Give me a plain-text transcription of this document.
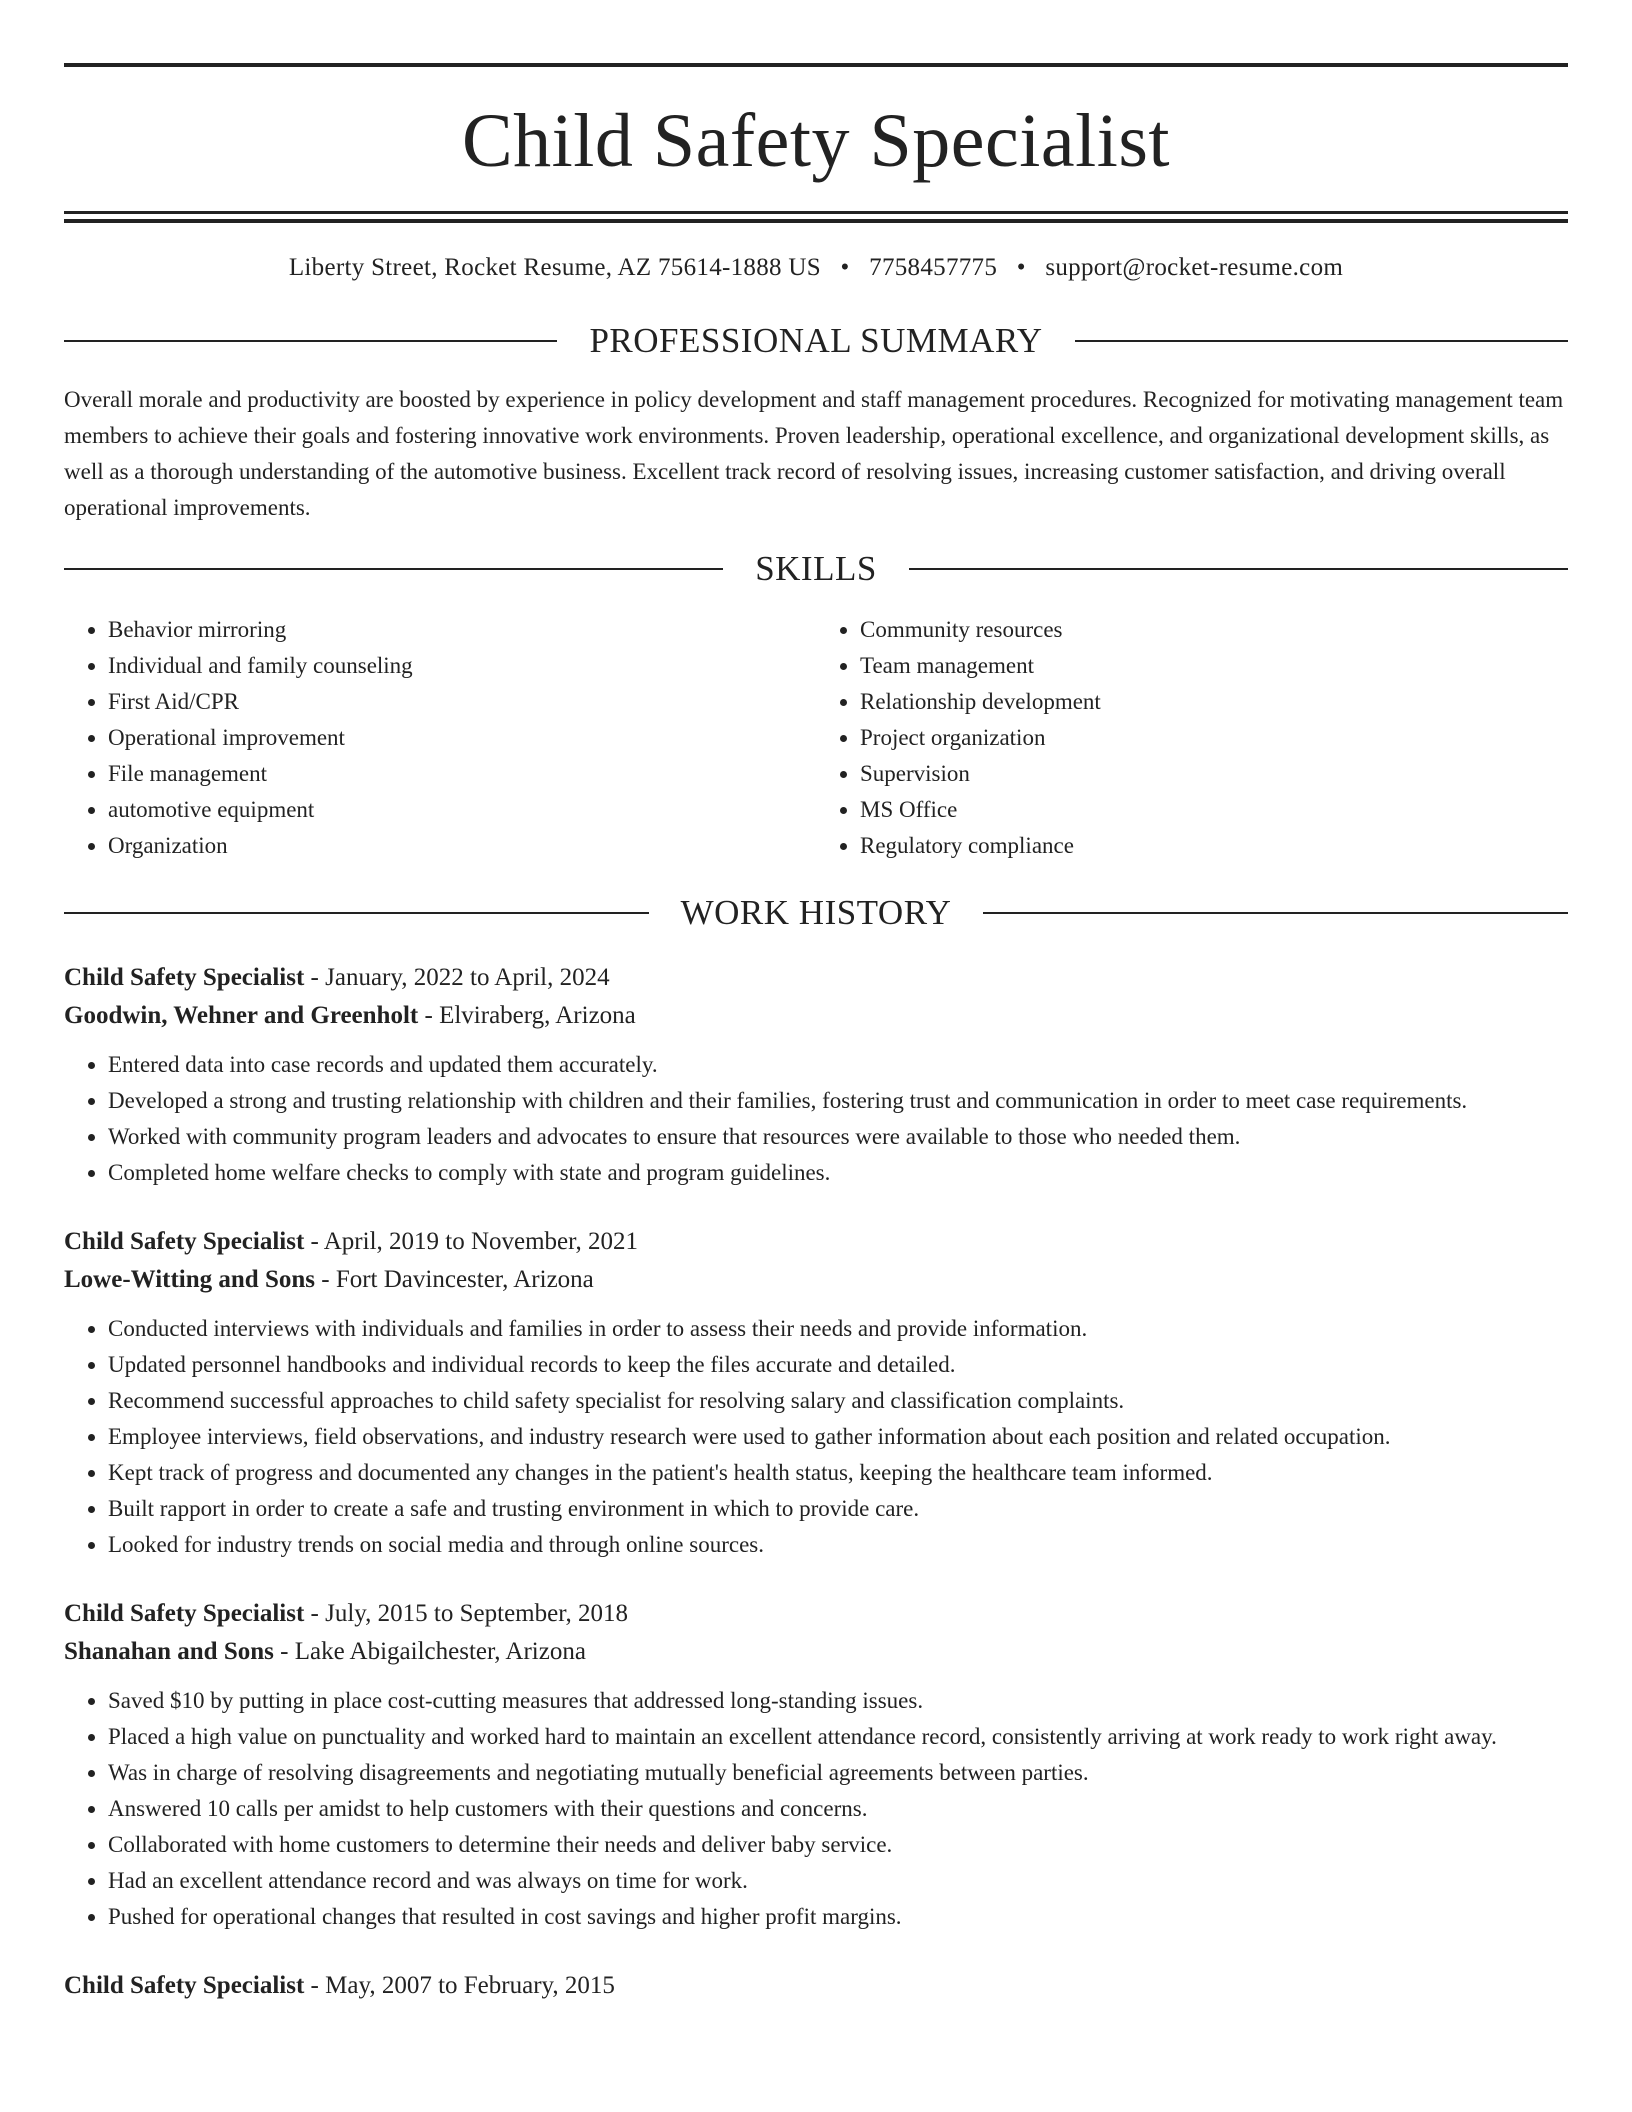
Child Safety Specialist
Liberty Street, Rocket Resume, AZ 75614-1888 US • 7758457775 • support@rocket-resume.com
PROFESSIONAL SUMMARY

Overall morale and productivity are boosted by experience in policy development and staff management procedures. Recognized for motivating management team members to achieve their goals and fostering innovative work environments. Proven leadership, operational excellence, and organizational development skills, as well as a thorough understanding of the automotive business. Excellent track record of resolving issues, increasing customer satisfaction, and driving overall operational improvements.

SKILLS
• Behavior mirroring
• Individual and family counseling
• First Aid/CPR
• Operational improvement
• File management
• automotive equipment
• Organization
• Community resources
• Team management
• Relationship development
• Project organization
• Supervision
• MS Office
• Regulatory compliance
WORK HISTORY
Child Safety Specialist - January, 2022 to April, 2024
Goodwin, Wehner and Greenholt - Elviraberg, Arizona
• Entered data into case records and updated them accurately.
• Developed a strong and trusting relationship with children and their families, fostering trust and communication in order to meet case requirements.
• Worked with community program leaders and advocates to ensure that resources were available to those who needed them.
• Completed home welfare checks to comply with state and program guidelines.
Child Safety Specialist - April, 2019 to November, 2021
Lowe-Witting and Sons - Fort Davincester, Arizona
• Conducted interviews with individuals and families in order to assess their needs and provide information.
• Updated personnel handbooks and individual records to keep the files accurate and detailed.
• Recommend successful approaches to child safety specialist for resolving salary and classification complaints.
• Employee interviews, field observations, and industry research were used to gather information about each position and related occupation.
• Kept track of progress and documented any changes in the patient's health status, keeping the healthcare team informed.
• Built rapport in order to create a safe and trusting environment in which to provide care.
• Looked for industry trends on social media and through online sources.
Child Safety Specialist - July, 2015 to September, 2018
Shanahan and Sons - Lake Abigailchester, Arizona
• Saved $10 by putting in place cost-cutting measures that addressed long-standing issues.
• Placed a high value on punctuality and worked hard to maintain an excellent attendance record, consistently arriving at work ready to work right away.
• Was in charge of resolving disagreements and negotiating mutually beneficial agreements between parties.
• Answered 10 calls per amidst to help customers with their questions and concerns.
• Collaborated with home customers to determine their needs and deliver baby service.
• Had an excellent attendance record and was always on time for work.
• Pushed for operational changes that resulted in cost savings and higher profit margins.
Child Safety Specialist - May, 2007 to February, 2015
